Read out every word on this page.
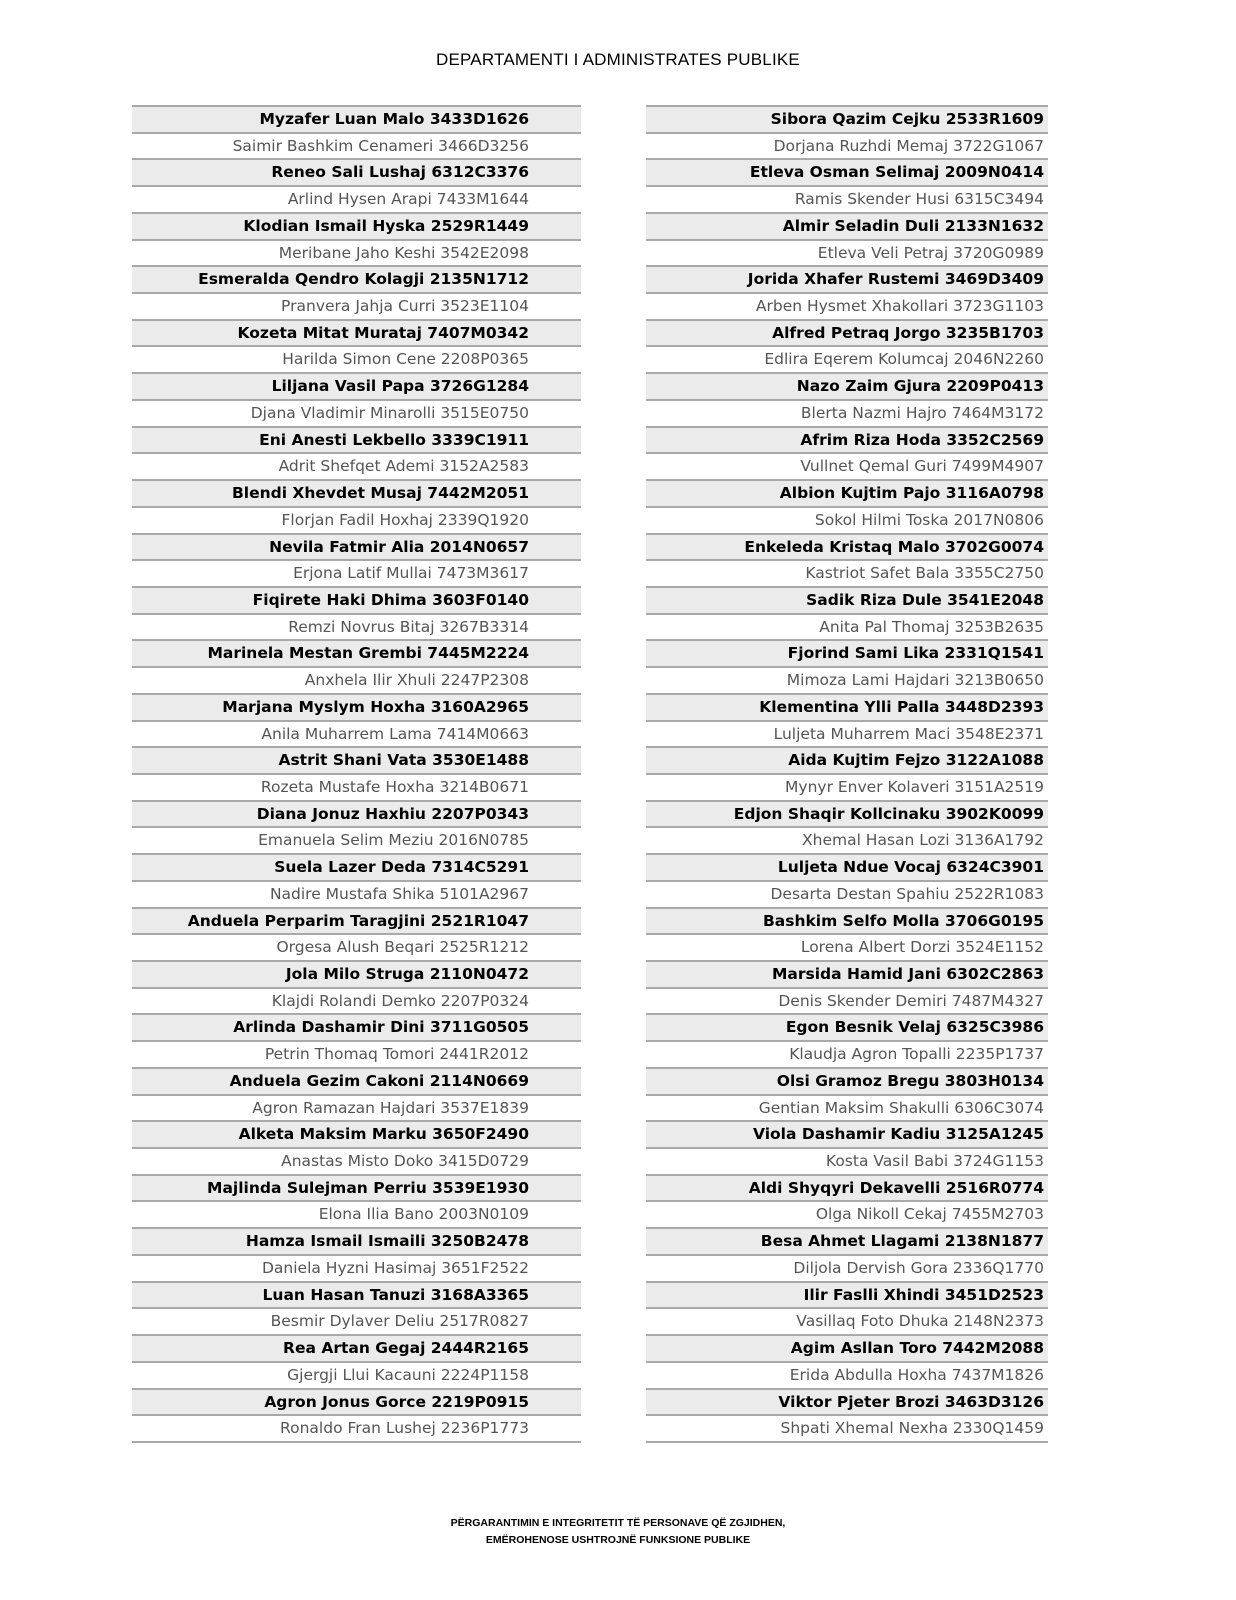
DEPARTAMENTI I ADMINISTRATES PUBLIKE
Myzafer Luan Malo 3433D1626
Saimir Bashkim Cenameri 3466D3256
Reneo Sali Lushaj 6312C3376
Arlind Hysen Arapi 7433M1644
Klodian Ismail Hyska 2529R1449
Meribane Jaho Keshi 3542E2098
Esmeralda Qendro Kolagji 2135N1712
Pranvera Jahja Curri 3523E1104
Kozeta Mitat Murataj 7407M0342
Harilda Simon Cene 2208P0365
Liljana Vasil Papa 3726G1284
Djana Vladimir Minarolli 3515E0750
Eni Anesti Lekbello 3339C1911
Adrit Shefqet Ademi 3152A2583
Blendi Xhevdet Musaj 7442M2051
Florjan Fadil Hoxhaj 2339Q1920
Nevila Fatmir Alia 2014N0657
Erjona Latif Mullai 7473M3617
Fiqirete Haki Dhima 3603F0140
Remzi Novrus Bitaj 3267B3314
Marinela Mestan Grembi 7445M2224
Anxhela Ilir Xhuli 2247P2308
Marjana Myslym Hoxha 3160A2965
Anila Muharrem Lama 7414M0663
Astrit Shani Vata 3530E1488
Rozeta Mustafe Hoxha 3214B0671
Diana Jonuz Haxhiu 2207P0343
Emanuela Selim Meziu 2016N0785
Suela Lazer Deda 7314C5291
Nadire Mustafa Shika 5101A2967
Anduela Perparim Taragjini 2521R1047
Orgesa Alush Beqari 2525R1212
Jola Milo Struga 2110N0472
Klajdi Rolandi Demko 2207P0324
Arlinda Dashamir Dini 3711G0505
Petrin Thomaq Tomori 2441R2012
Anduela Gezim Cakoni 2114N0669
Agron Ramazan Hajdari 3537E1839
Alketa Maksim Marku 3650F2490
Anastas Misto Doko 3415D0729
Majlinda Sulejman Perriu 3539E1930
Elona Ilia Bano 2003N0109
Hamza Ismail Ismaili 3250B2478
Daniela Hyzni Hasimaj 3651F2522
Luan Hasan Tanuzi 3168A3365
Besmir Dylaver Deliu 2517R0827
Rea Artan Gegaj 2444R2165
Gjergji Llui Kacauni 2224P1158
Agron Jonus Gorce 2219P0915
Ronaldo Fran Lushej 2236P1773
Sibora Qazim Cejku 2533R1609
Dorjana Ruzhdi Memaj 3722G1067
Etleva Osman Selimaj 2009N0414
Ramis Skender Husi 6315C3494
Almir Seladin Duli 2133N1632
Etleva Veli Petraj 3720G0989
Jorida Xhafer Rustemi 3469D3409
Arben Hysmet Xhakollari 3723G1103
Alfred Petraq Jorgo 3235B1703
Edlira Eqerem Kolumcaj 2046N2260
Nazo Zaim Gjura 2209P0413
Blerta Nazmi Hajro 7464M3172
Afrim Riza Hoda 3352C2569
Vullnet Qemal Guri 7499M4907
Albion Kujtim Pajo 3116A0798
Sokol Hilmi Toska 2017N0806
Enkeleda Kristaq Malo 3702G0074
Kastriot Safet Bala 3355C2750
Sadik Riza Dule 3541E2048
Anita Pal Thomaj 3253B2635
Fjorind Sami Lika 2331Q1541
Mimoza Lami Hajdari 3213B0650
Klementina Ylli Palla 3448D2393
Luljeta Muharrem Maci 3548E2371
Aida Kujtim Fejzo 3122A1088
Mynyr Enver Kolaveri 3151A2519
Edjon Shaqir Kollcinaku 3902K0099
Xhemal Hasan Lozi 3136A1792
Luljeta Ndue Vocaj 6324C3901
Desarta Destan Spahiu 2522R1083
Bashkim Selfo Molla 3706G0195
Lorena Albert Dorzi 3524E1152
Marsida Hamid Jani 6302C2863
Denis Skender Demiri 7487M4327
Egon Besnik Velaj 6325C3986
Klaudja Agron Topalli 2235P1737
Olsi Gramoz Bregu 3803H0134
Gentian Maksim Shakulli 6306C3074
Viola Dashamir Kadiu 3125A1245
Kosta Vasil Babi 3724G1153
Aldi Shyqyri Dekavelli 2516R0774
Olga Nikoll Cekaj 7455M2703
Besa Ahmet Llagami 2138N1877
Diljola Dervish Gora 2336Q1770
Ilir Faslli Xhindi 3451D2523
Vasillaq Foto Dhuka 2148N2373
Agim Asllan Toro 7442M2088
Erida Abdulla Hoxha 7437M1826
Viktor Pjeter Brozi 3463D3126
Shpati Xhemal Nexha 2330Q1459
PËRGARANTIMIN E INTEGRITETIT TË PERSONAVE QË ZGJIDHEN,
EMËROHENOSE USHTROJNË FUNKSIONE PUBLIKE
